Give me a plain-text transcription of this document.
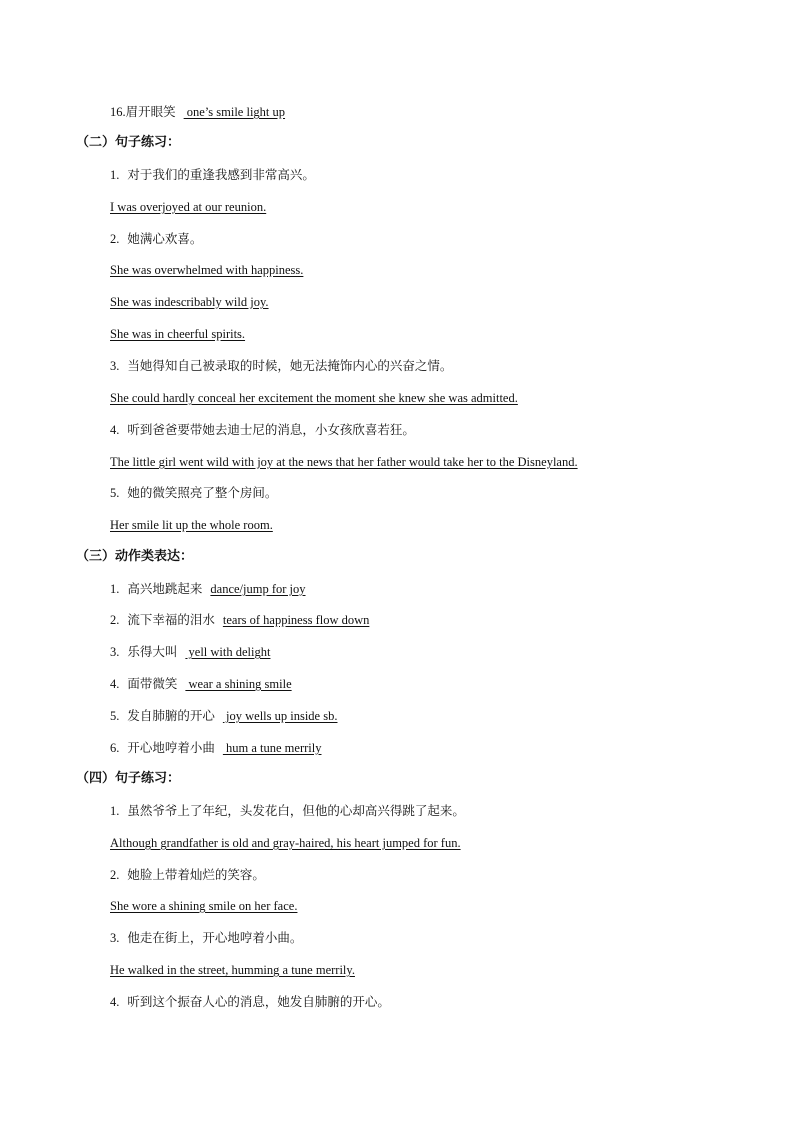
16.眉开眼笑 one’s smile light up
（二）句子练习：
1. 对于我们的重逢我感到非常高兴。
I was overjoyed at our reunion.
2. 她满心欢喜。
She was overwhelmed with happiness.
She was indescribably wild joy.
She was in cheerful spirits.
3. 当她得知自己被录取的时候，她无法掩饰内心的兴奋之情。
She could hardly conceal her excitement the moment she knew she was admitted.
4. 听到爸爸要带她去迪士尼的消息，小女孩欣喜若狂。
The little girl went wild with joy at the news that her father would take her to the Disneyland.
5. 她的微笑照亮了整个房间。
Her smile lit up the whole room.
（三）动作类表达：
1. 高兴地跳起来 dance/jump for joy
2. 流下幸福的泪水 tears of happiness flow down
3. 乐得大叫 yell with delight
4. 面带微笑 wear a shining smile
5. 发自肺腑的开心 joy wells up inside sb.
6. 开心地哼着小曲 hum a tune merrily
（四）句子练习：
1. 虽然爷爷上了年纪，头发花白，但他的心却高兴得跳了起来。
Although grandfather is old and gray-haired, his heart jumped for fun.
2. 她脸上带着灿烂的笑容。
She wore a shining smile on her face.
3. 他走在街上，开心地哼着小曲。
He walked in the street, humming a tune merrily.
4. 听到这个振奋人心的消息，她发自肺腑的开心。
